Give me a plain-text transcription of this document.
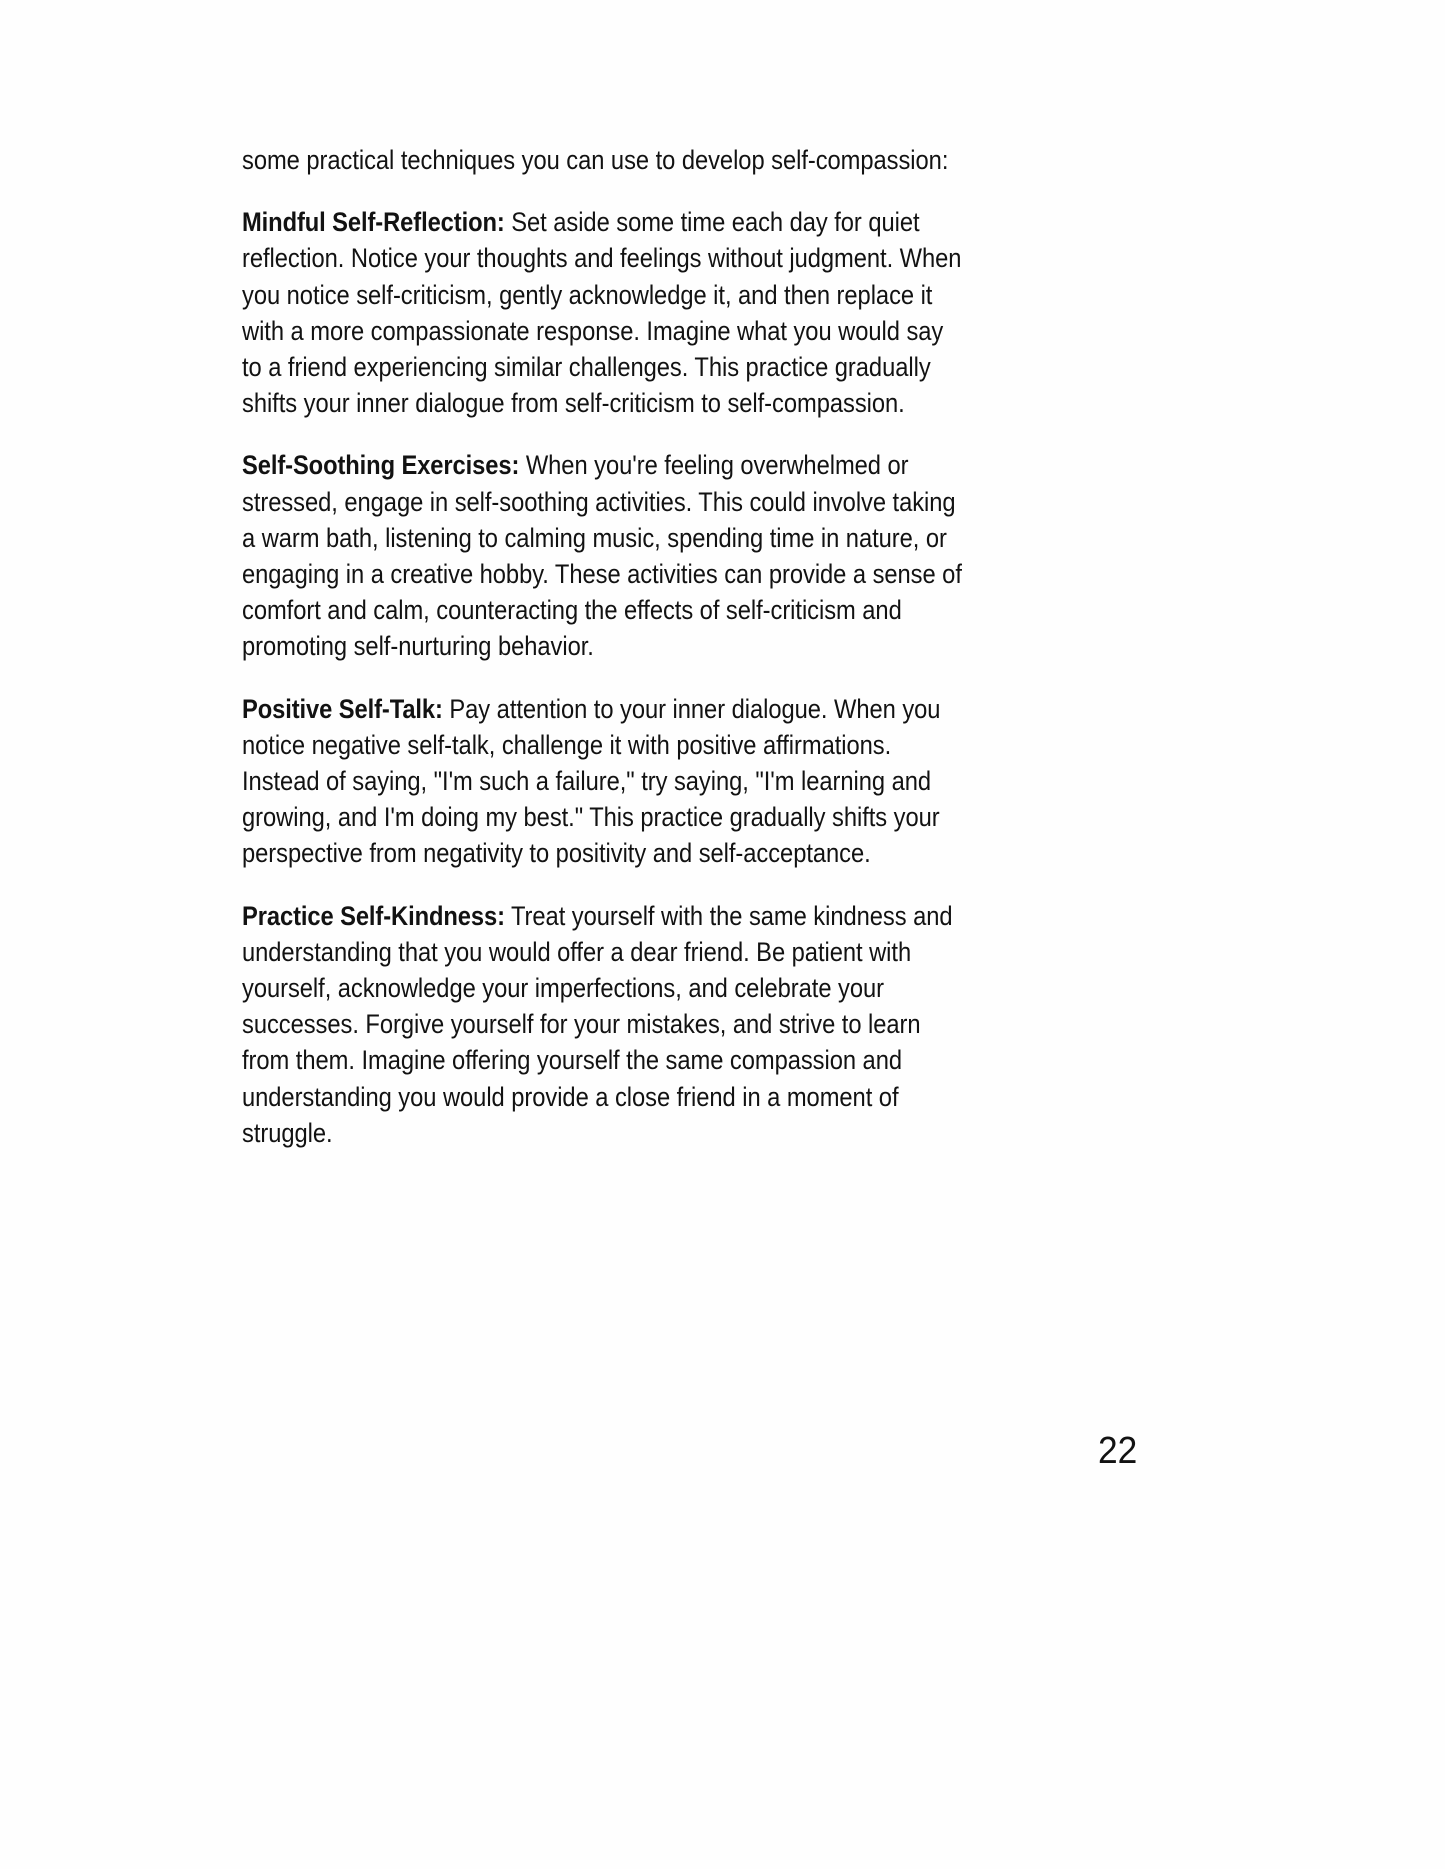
some practical techniques you can use to develop self-compassion:

Mindful Self-Reflection: Set aside some time each day for quiet reflection. Notice your thoughts and feelings without judgment. When you notice self-criticism, gently acknowledge it, and then replace it with a more compassionate response. Imagine what you would say to a friend experiencing similar challenges. This practice gradually shifts your inner dialogue from self-criticism to self-compassion.

Self-Soothing Exercises: When you're feeling overwhelmed or stressed, engage in self-soothing activities. This could involve taking a warm bath, listening to calming music, spending time in nature, or engaging in a creative hobby. These activities can provide a sense of comfort and calm, counteracting the effects of self-criticism and promoting self-nurturing behavior.

Positive Self-Talk: Pay attention to your inner dialogue. When you notice negative self-talk, challenge it with positive affirmations. Instead of saying, "I'm such a failure," try saying, "I'm learning and growing, and I'm doing my best." This practice gradually shifts your perspective from negativity to positivity and self-acceptance.

Practice Self-Kindness: Treat yourself with the same kindness and understanding that you would offer a dear friend. Be patient with yourself, acknowledge your imperfections, and celebrate your successes. Forgive yourself for your mistakes, and strive to learn from them. Imagine offering yourself the same compassion and understanding you would provide a close friend in a moment of struggle.

22
